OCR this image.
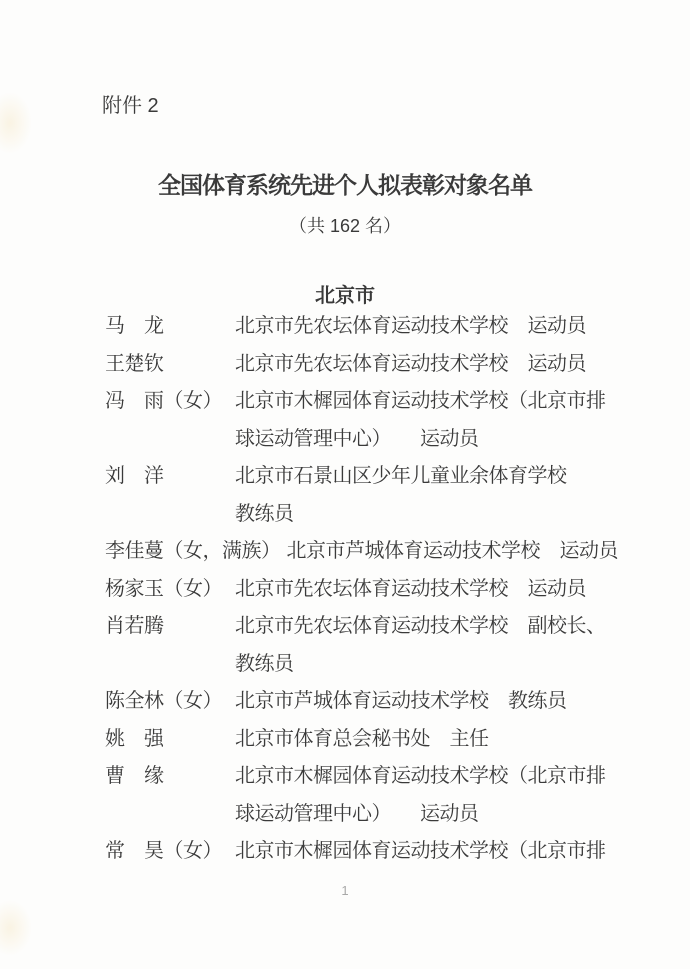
附件 2
全国体育系统先进个人拟表彰对象名单
（共 162 名）
北京市
马　龙	北京市先农坛体育运动技术学校　运动员
王楚钦	北京市先农坛体育运动技术学校　运动员
冯　雨（女） 北京市木樨园体育运动技术学校（北京市排
球运动管理中心）　　运动员
刘　洋	北京市石景山区少年儿童业余体育学校
教练员
李佳蔓（女，满族） 北京市芦城体育运动技术学校　运动员
杨家玉（女） 北京市先农坛体育运动技术学校　运动员
肖若腾	北京市先农坛体育运动技术学校　副校长、
教练员
陈全林（女） 北京市芦城体育运动技术学校　教练员
姚　强	北京市体育总会秘书处　主任
曹　缘	北京市木樨园体育运动技术学校（北京市排
球运动管理中心）　　运动员
常　昊（女） 北京市木樨园体育运动技术学校（北京市排
1
